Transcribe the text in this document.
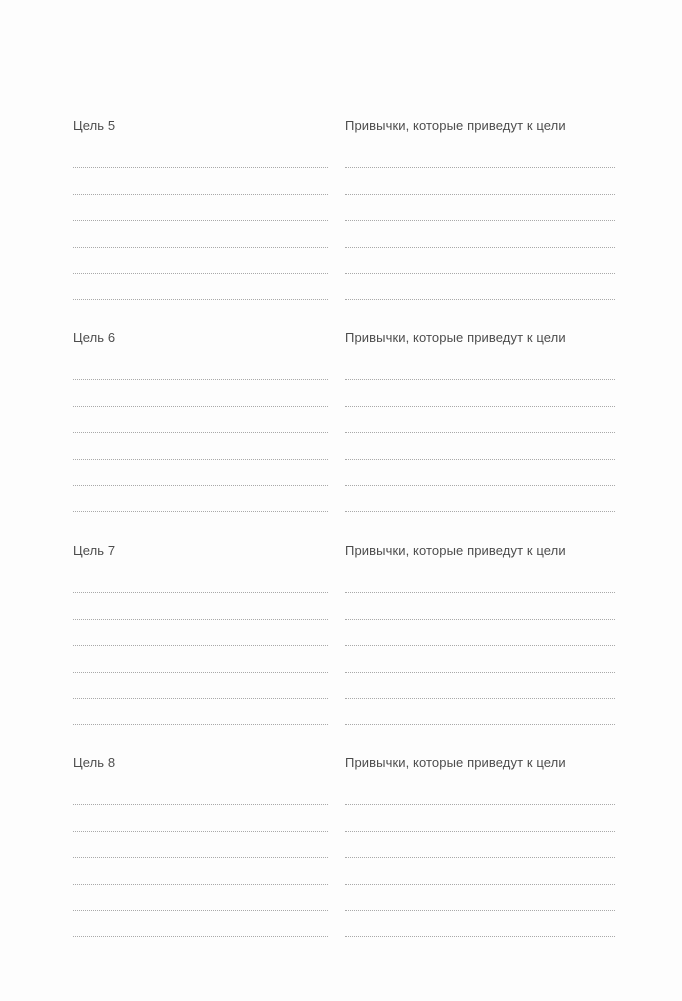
Цель 5	Привычки, которые приведут к цели
Цель 6	Привычки, которые приведут к цели
Цель 7	Привычки, которые приведут к цели
Цель 8	Привычки, которые приведут к цели
